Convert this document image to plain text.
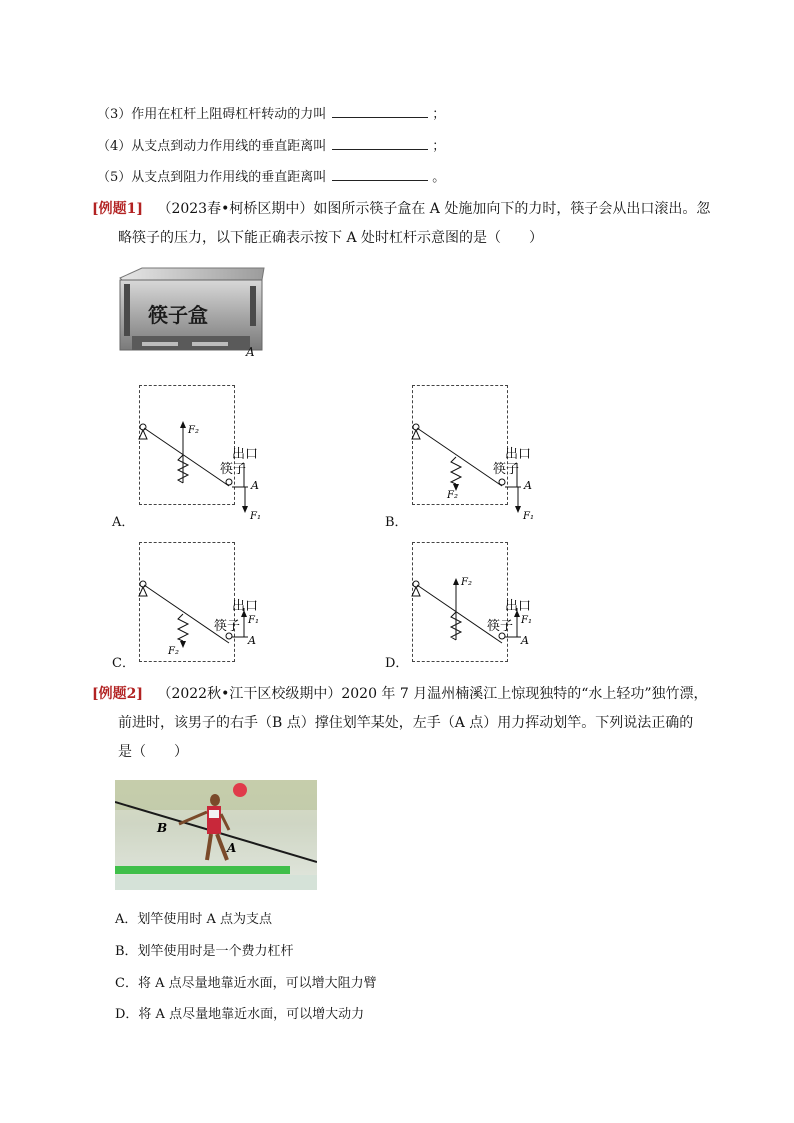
（3）作用在杠杆上阻碍杠杆转动的力叫	；
（4）从支点到动力作用线的垂直距离叫	；
（5）从支点到阻力作用线的垂直距离叫	。
[例题1] （2023春•柯桥区期中）如图所示筷子盒在 A 处施加向下的力时，筷子会从出口滚出。忽
略筷子的压力，以下能正确表示按下 A 处时杠杆示意图的是（　　）
筷子盒
A
A．
F₂
出口
筷子
A
F₁	B．
F₂
出口
筷子
A
F₁
C．
F₂
F₁
出口
筷子
A
D．
F₂
F₁
出口
筷子
A
[例题2] （2022秋•江干区校级期中）2020 年 7 月温州楠溪江上惊现独特的“水上轻功”独竹漂，
前进时，该男子的右手（B 点）撑住划竿某处，左手（A 点）用力挥动划竿。下列说法正确的
是（　　）
B
A
A．划竿使用时 A 点为支点
B．划竿使用时是一个费力杠杆
C．将 A 点尽量地靠近水面，可以增大阻力臂
D．将 A 点尽量地靠近水面，可以增大动力
